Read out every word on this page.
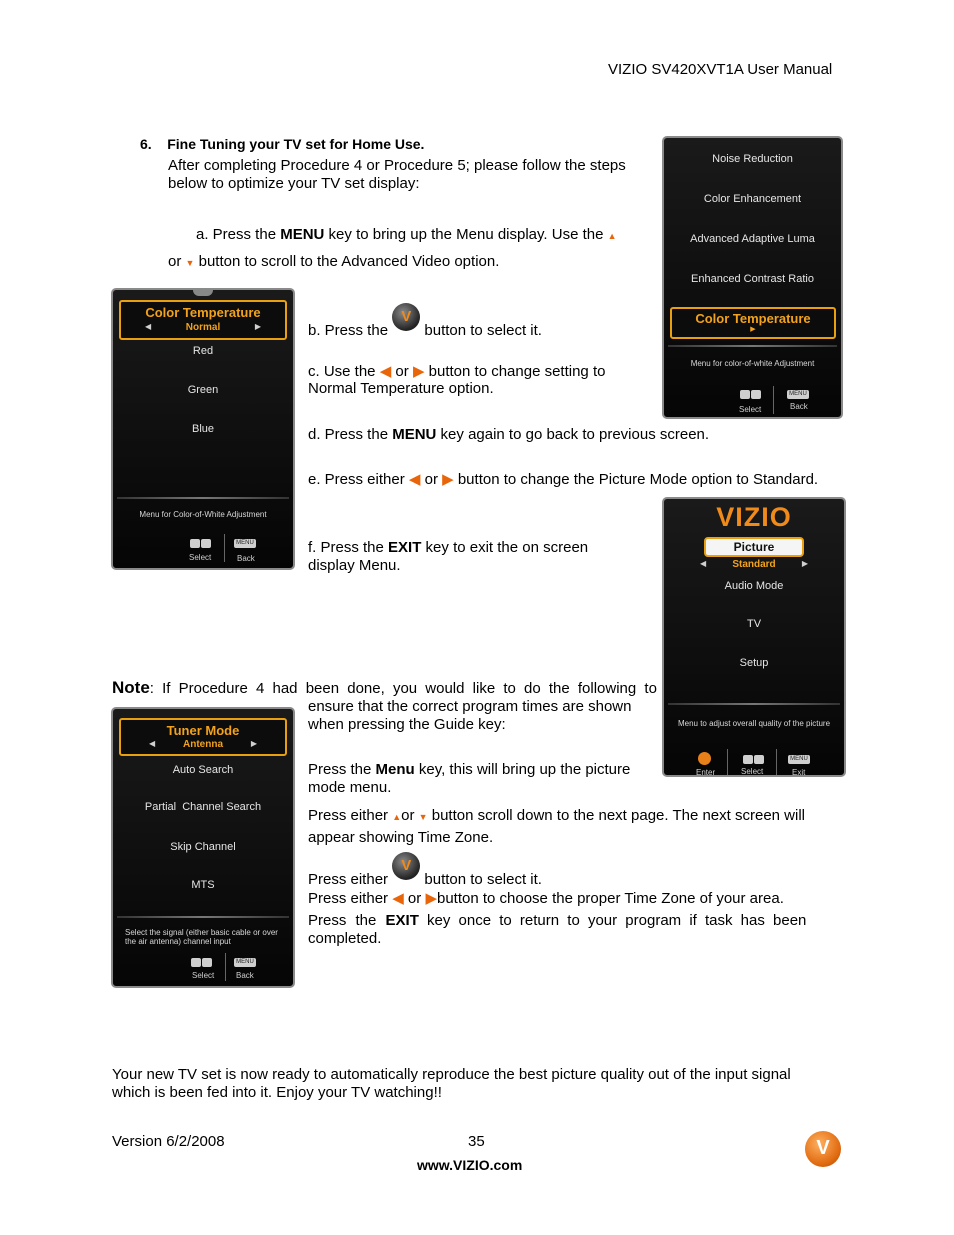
VIZIO SV420XVT1A User Manual
6.    Fine Tuning your TV set for Home Use.
After completing Procedure 4 or Procedure 5; please follow the steps below to optimize your TV set display:
a. Press the MENU key to bring up the Menu display. Use the ▲
or ▼ button to scroll to the Advanced Video option.
b. Press the V button to select it.
c. Use the ◀ or ▶ button to change setting to
Normal Temperature option.
d. Press the MENU key again to go back to previous screen.
e. Press either ◀ or ▶ button to change the Picture Mode option to Standard.
f. Press the EXIT key to exit the on screen
display Menu.
Note: If Procedure 4 had been done, you would like to do the following to
ensure that the correct program times are shown
when pressing the Guide key:
Press the Menu key, this will bring up the picture
mode menu.
Press either ▲or ▼ button scroll down to the next page. The next screen will
appear showing Time Zone.
Press either V button to select it.
Press either ◀ or ▶button to choose the proper Time Zone of your area.
Press the EXIT key once to return to your program if task has been
completed.
Your new TV set is now ready to automatically reproduce the best picture quality out of the input signal
which is been fed into it. Enjoy your TV watching!!
Version 6/2/2008	35
www.VIZIO.com
V
Noise Reduction
Color Enhancement
Advanced Adaptive Luma
Enhanced Contrast Ratio
Color Temperature
▶
Menu for color-of-white Adjustment
MENU
Select	Back
Color Temperature
◀	Normal	▶
Red
Green
Blue
Menu for Color-of-White Adjustment
MENU
Select	Back
VIZIO
Picture
◀	Standard	▶
Audio Mode
TV
Setup
Menu to adjust overall quality of the picture
MENU
Enter	Select	Exit
Tuner Mode
◀	Antenna	▶
Auto Search
Partial  Channel Search
Skip Channel
MTS
Select the signal (either basic cable or over
the air antenna) channel input
MENU
Select	Back
